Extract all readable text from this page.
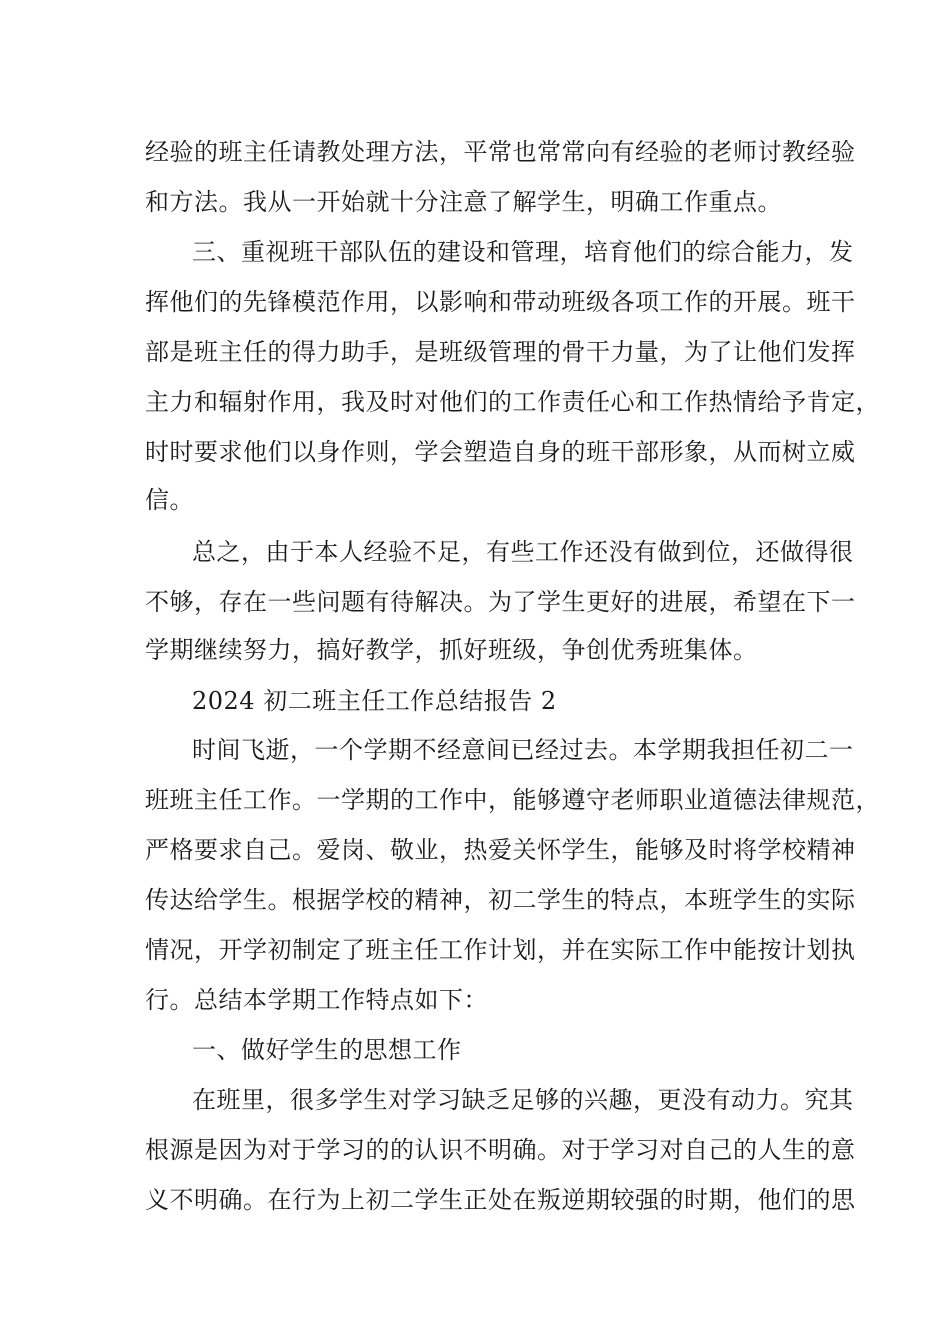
经验的班主任请教处理方法，平常也常常向有经验的老师讨教经验
和方法。我从一开始就十分注意了解学生，明确工作重点。
三、重视班干部队伍的建设和管理，培育他们的综合能力，发
挥他们的先锋模范作用，以影响和带动班级各项工作的开展。班干
部是班主任的得力助手，是班级管理的骨干力量，为了让他们发挥
主力和辐射作用，我及时对他们的工作责任心和工作热情给予肯定，
时时要求他们以身作则，学会塑造自身的班干部形象，从而树立威
信。
总之，由于本人经验不足，有些工作还没有做到位，还做得很
不够，存在一些问题有待解决。为了学生更好的进展，希望在下一
学期继续努力，搞好教学，抓好班级，争创优秀班集体。
2024 初二班主任工作总结报告 2
时间飞逝，一个学期不经意间已经过去。本学期我担任初二一
班班主任工作。一学期的工作中，能够遵守老师职业道德法律规范，
严格要求自己。爱岗、敬业，热爱关怀学生，能够及时将学校精神
传达给学生。根据学校的精神，初二学生的特点，本班学生的实际
情况，开学初制定了班主任工作计划，并在实际工作中能按计划执
行。总结本学期工作特点如下：
一、做好学生的思想工作
在班里，很多学生对学习缺乏足够的兴趣，更没有动力。究其
根源是因为对于学习的的认识不明确。对于学习对自己的人生的意
义不明确。在行为上初二学生正处在叛逆期较强的时期，他们的思
